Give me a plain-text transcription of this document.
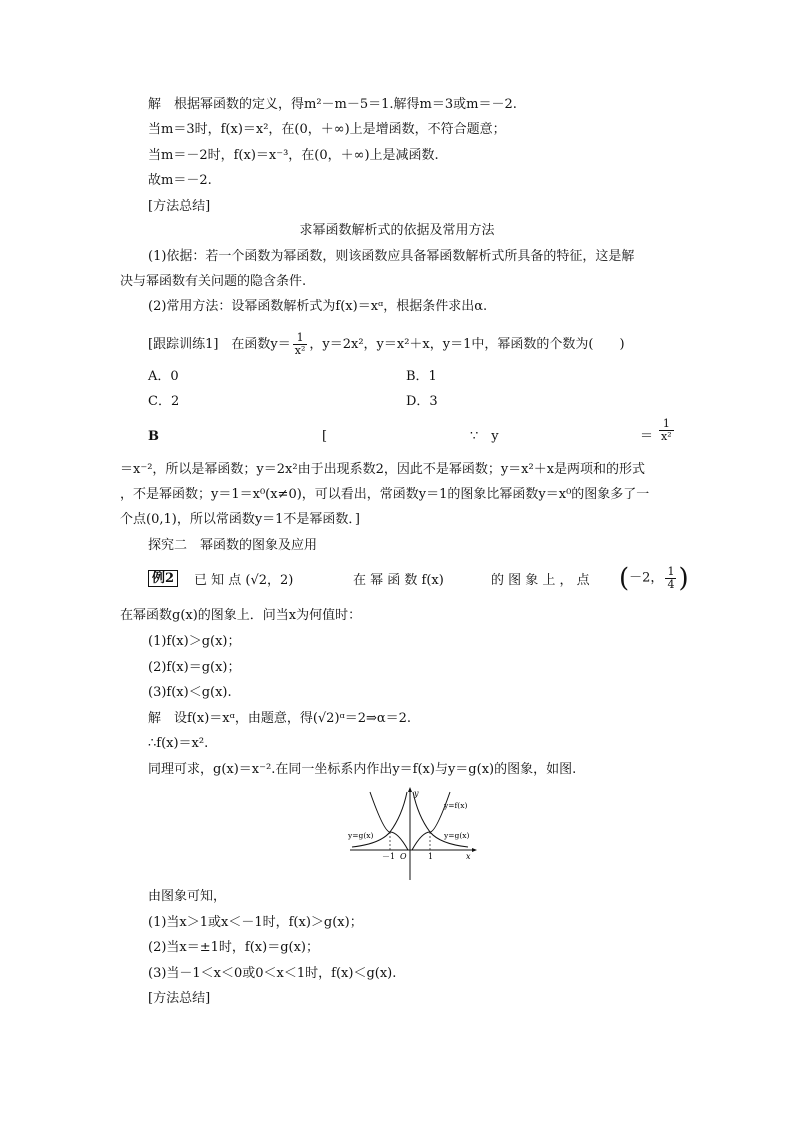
解　根据幂函数的定义，得m²－m－5＝1.解得m＝3或m＝－2.
当m＝3时，f(x)＝x²，在(0，＋∞)上是增函数，不符合题意；
当m＝－2时，f(x)＝x⁻³，在(0，＋∞)上是减函数.
故m＝－2.
[方法总结]
求幂函数解析式的依据及常用方法
(1)依据：若一个函数为幂函数，则该函数应具备幂函数解析式所具备的特征，这是解
决与幂函数有关问题的隐含条件.
(2)常用方法：设幂函数解析式为f(x)＝xᵅ，根据条件求出α.
[跟踪训练1]　在函数$y= \frac{1}{\text{x²}}$ ，y＝2x²，y＝x²＋x，y＝1中，幂函数的个数为(　　)
A．0	B．1
C．2	D．3
B	[	∵　y	＝ $\frac{1}{\text{x²}}$
＝x⁻²，所以是幂函数；y＝2x²由于出现系数2，因此不是幂函数；y＝x²＋x是两项和的形式
，不是幂函数；y＝1＝x⁰(x≠0)，可以看出，常函数y＝1的图象比幂函数y＝x⁰的图象多了一
个点(0,1)，所以常函数y＝1不是幂函数．]
探究二　幂函数的图象及应用
例2	已 知 点 (√2，2)	在 幂 函 数 f(x)	的 图 象 上 ， 点 (－2， $\frac{1}{4}$ )
在幂函数g(x)的图象上．问当x为何值时：
(1)f(x)＞g(x)；
(2)f(x)＝g(x)；
(3)f(x)＜g(x).
解　设f(x)＝xᵅ，由题意，得(√2)ᵅ＝2⇒α＝2.
∴f(x)＝x².
同理可求，g(x)＝x⁻².在同一坐标系内作出y＝f(x)与y＝g(x)的图象，如图.
y
x
O
－1	1
y=f(x)
y=g(x)	y=g(x)
由图象可知，
(1)当x＞1或x＜－1时，f(x)＞g(x)；
(2)当x＝±1时，f(x)＝g(x)；
(3)当－1＜x＜0或0＜x＜1时，f(x)＜g(x).
[方法总结]
